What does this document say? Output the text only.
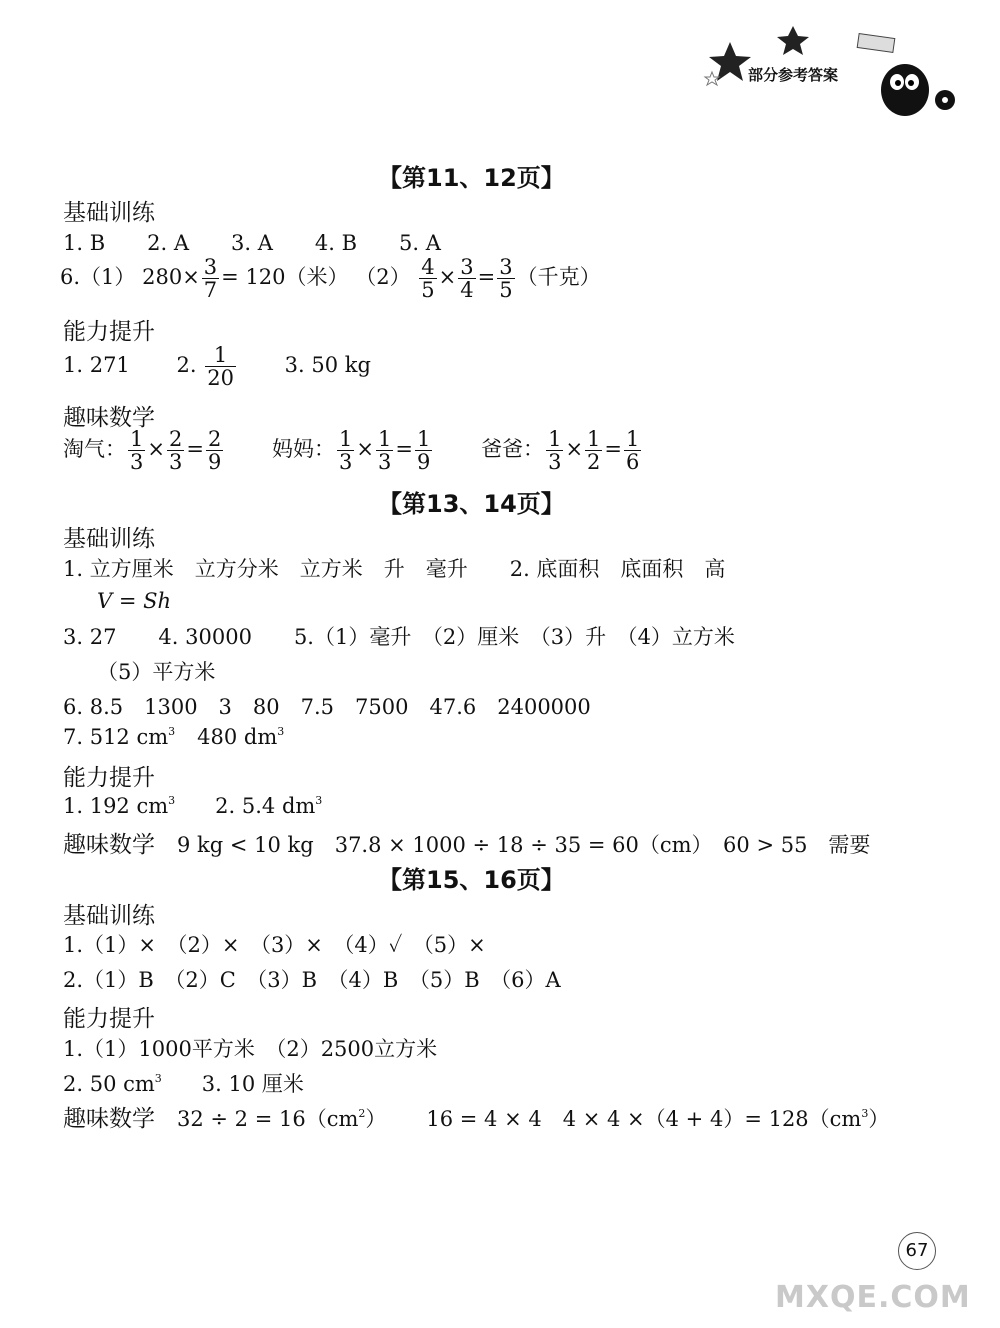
部分参考答案
【第11、12页】
基础训练
1. B　　2. A　　3. A　　4. B　　5. A
6.（1） $280\times \frac{3}{7} = 120$（米） $(2) \frac{4}{5} \times \frac{3}{4} = \frac{3}{5}$ （千克）
能力提升
1. 271 2. $\frac{1}{20} 3$. 50 kg
趣味数学
淘气： $\frac{1}{3} \times \frac{2}{3} = \frac{2}{9}$ 妈妈： $\frac{1}{3} \times \frac{1}{3} = \frac{1}{9}$ 爸爸： $\frac{1}{3} \times \frac{1}{2} = \frac{1}{6}$
【第13、14页】
基础训练
1. 立方厘米　立方分米　立方米　升　毫升　　2. 底面积　底面积　高
V = Sh
3. 27　　4. 30000　　5.（1）毫升　（2）厘米　（3）升　（4）立方米
（5）平方米
6. 8.5　1300　3　80　7.5　7500　47.6　2400000
7. 512 $cm^3$ 480 $dm^3$
能力提升
1. 192 $cm^3$ 2. 5.4 $dm^3$
趣味数学 9 kg < 10 kg　37.8 × 1000 ÷ 18 ÷ 35 = 60（cm）　60 > 55　需要
【第15、16页】
基础训练
1.（1）×　（2）×　（3）×　（4）✓　（5）×
2.（1）B　（2）C　（3）B　（4）B　（5）B　（6）A
能力提升
1.（1）1000平方米　（2）2500立方米
2. 50 $cm^3$ 3. 10 厘米
趣味数学 $32 \div 2 = 16(cm^2) 16 = 4 \times 4$　$4 \times 4 \times(4 + 4)= 128(cm^3)$
67
MXQE.COM
